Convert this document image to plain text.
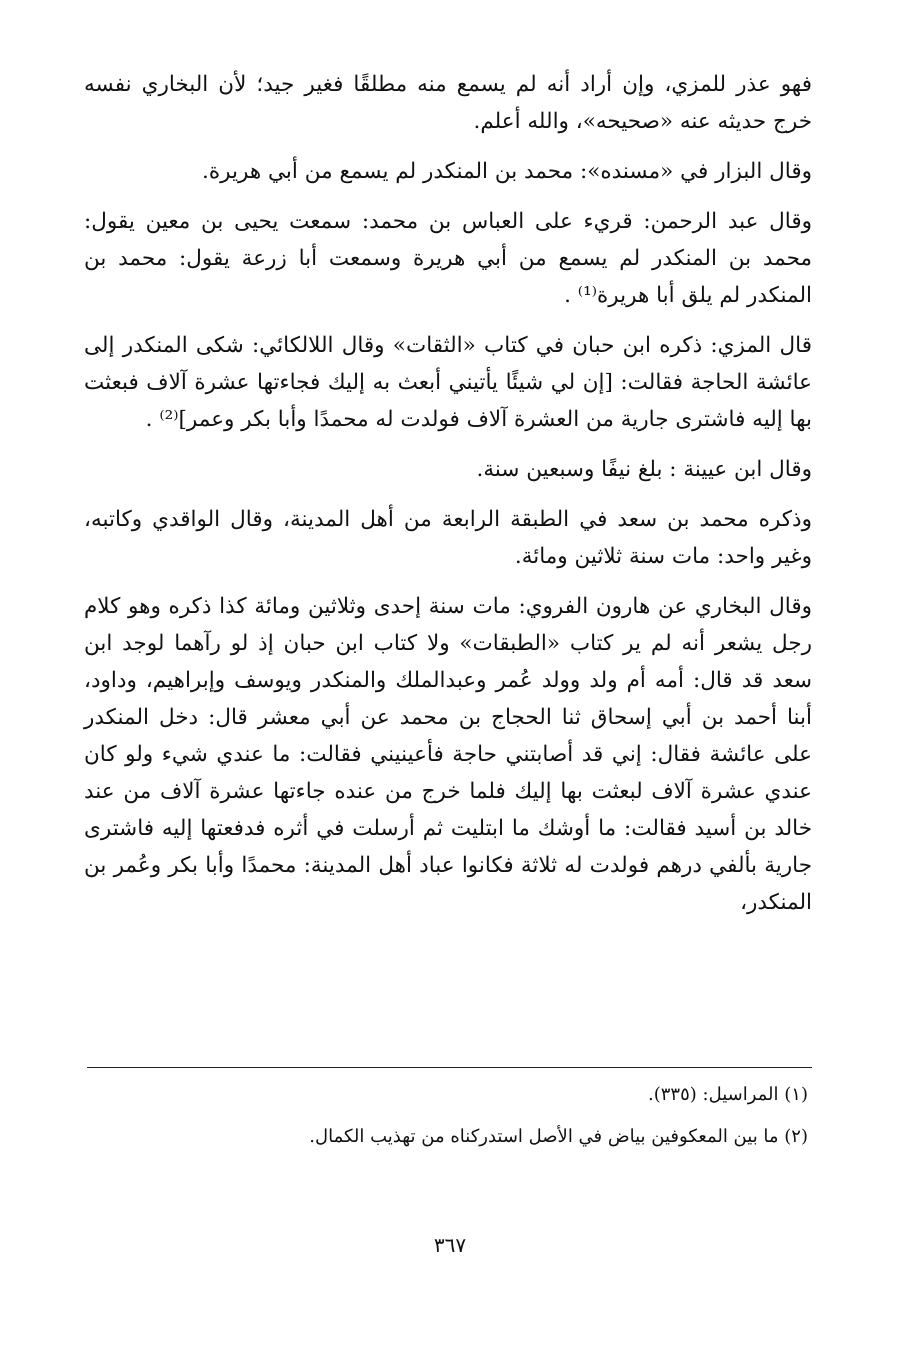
فهو عذر للمزي، وإن أراد أنه لم يسمع منه مطلقًا فغير جيد؛ لأن البخاري نفسه خرج حديثه عنه «صحيحه»، والله أعلم.

وقال البزار في «مسنده»: محمد بن المنكدر لم يسمع من أبي هريرة.

وقال عبد الرحمن: قريء على العباس بن محمد: سمعت يحيى بن معين يقول: محمد بن المنكدر لم يسمع من أبي هريرة وسمعت أبا زرعة يقول: محمد بن المنكدر لم يلق أبا هريرة⁽¹⁾ .

قال المزي: ذكره ابن حبان في كتاب «الثقات» وقال اللالكائي: شكى المنكدر إلى عائشة الحاجة فقالت: [إن لي شيئًا يأتيني أبعث به إليك فجاءتها عشرة آلاف فبعثت بها إليه فاشترى جارية من العشرة آلاف فولدت له محمدًا وأبا بكر وعمر]⁽²⁾ .

وقال ابن عيينة : بلغ نيفًا وسبعين سنة.

وذكره محمد بن سعد في الطبقة الرابعة من أهل المدينة، وقال الواقدي وكاتبه، وغير واحد: مات سنة ثلاثين ومائة.

وقال البخاري عن هارون الفروي: مات سنة إحدى وثلاثين ومائة كذا ذكره وهو كلام رجل يشعر أنه لم ير كتاب «الطبقات» ولا كتاب ابن حبان إذ لو رآهما لوجد ابن سعد قد قال: أمه أم ولد وولد عُمر وعبدالملك والمنكدر ويوسف وإبراهيم، وداود، أبنا أحمد بن أبي إسحاق ثنا الحجاج بن محمد عن أبي معشر قال: دخل المنكدر على عائشة فقال: إني قد أصابتني حاجة فأعينيني فقالت: ما عندي شيء ولو كان عندي عشرة آلاف لبعثت بها إليك فلما خرج من عنده جاءتها عشرة آلاف من عند خالد بن أسيد فقالت: ما أوشك ما ابتليت ثم أرسلت في أثره فدفعتها إليه فاشترى جارية بألفي درهم فولدت له ثلاثة فكانوا عباد أهل المدينة: محمدًا وأبا بكر وعُمر بن المنكدر،

(١) المراسيل: (٣٣٥).

(٢) ما بين المعكوفين بياض في الأصل استدركناه من تهذيب الكمال.

٣٦٧
